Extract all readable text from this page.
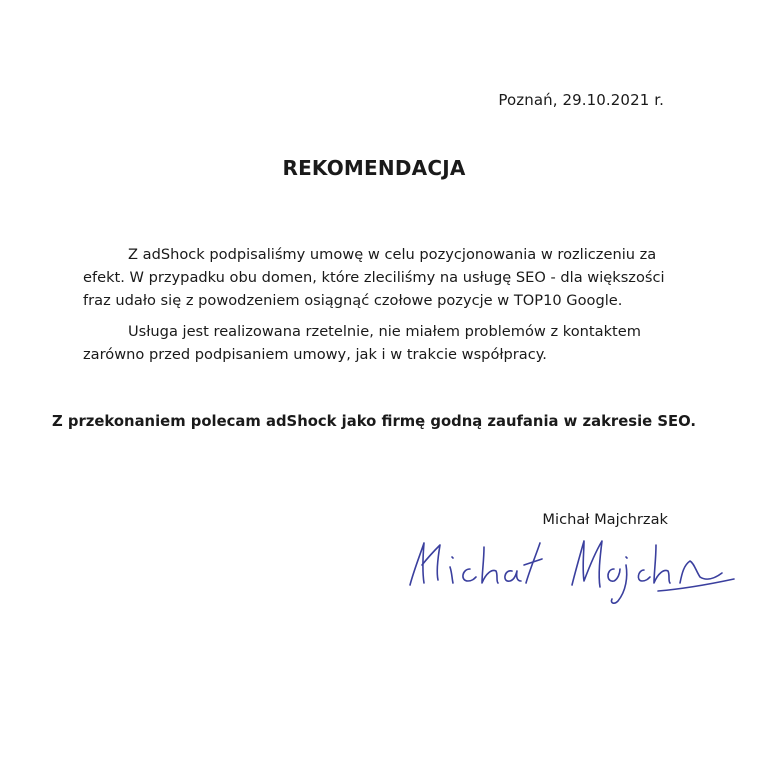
Poznań, 29.10.2021 r.
REKOMENDACJA

Z adShock podpisaliśmy umowę w celu pozycjonowania w rozliczeniu za
efekt. W przypadku obu domen, które zleciliśmy na usługę SEO - dla większości
fraz udało się z powodzeniem osiągnąć czołowe pozycje w TOP10 Google.

Usługa jest realizowana rzetelnie, nie miałem problemów z kontaktem
zarówno przed podpisaniem umowy, jak i w trakcie współpracy.

Z przekonaniem polecam adShock jako firmę godną zaufania w zakresie SEO.
Michał Majchrzak
